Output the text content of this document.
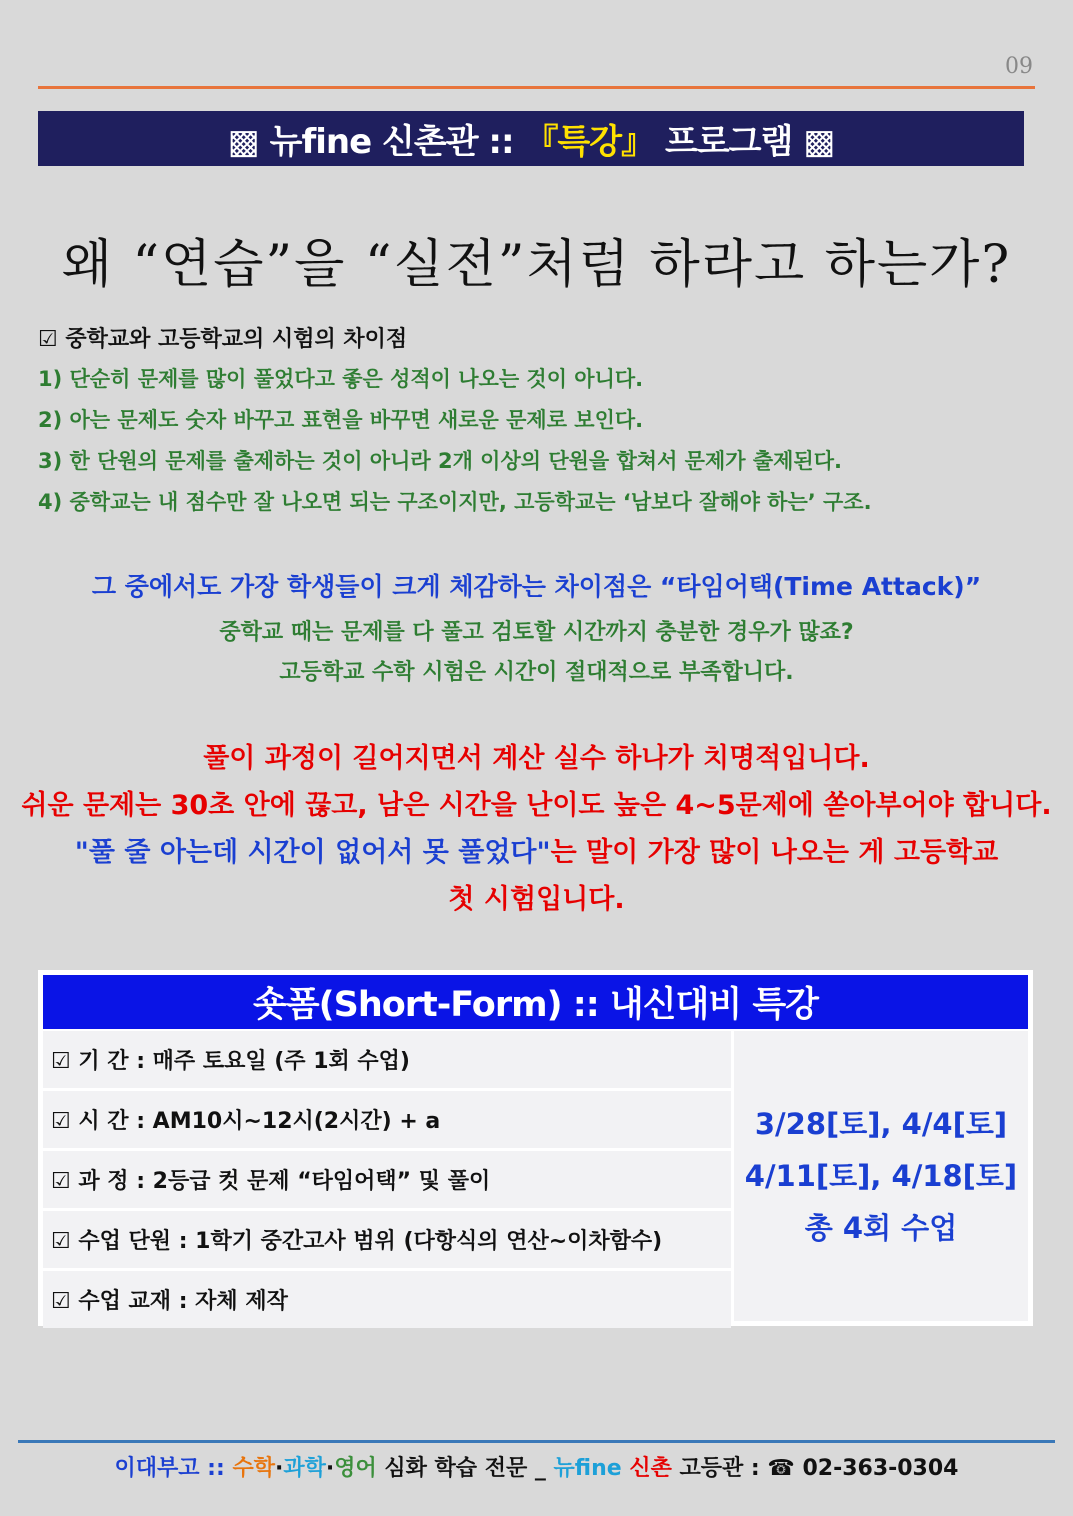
09
▩ 뉴fine 신촌관 :: 『특강』 프로그램 ▩
왜 “연습”을 “실전”처럼 하라고 하는가?
☑ 중학교와 고등학교의 시험의 차이점
1) 단순히 문제를 많이 풀었다고 좋은 성적이 나오는 것이 아니다.
2) 아는 문제도 숫자 바꾸고 표현을 바꾸면 새로운 문제로 보인다.
3) 한 단원의 문제를 출제하는 것이 아니라 2개 이상의 단원을 합쳐서 문제가 출제된다.
4) 중학교는 내 점수만 잘 나오면 되는 구조이지만, 고등학교는 ‘남보다 잘해야 하는’ 구조.
그 중에서도 가장 학생들이 크게 체감하는 차이점은 “타임어택(Time Attack)”
중학교 때는 문제를 다 풀고 검토할 시간까지 충분한 경우가 많죠?
고등학교 수학 시험은 시간이 절대적으로 부족합니다.
풀이 과정이 길어지면서 계산 실수 하나가 치명적입니다.
쉬운 문제는 30초 안에 끊고, 남은 시간을 난이도 높은 4~5문제에 쏟아부어야 합니다.
"풀 줄 아는데 시간이 없어서 못 풀었다"는 말이 가장 많이 나오는 게 고등학교
첫 시험입니다.
숏폼(Short-Form) :: 내신대비 특강
☑ 기 간 : 매주 토요일 (주 1회 수업)
☑ 시 간 : AM10시~12시(2시간) + a
☑ 과 정 : 2등급 컷 문제 “타임어택” 및 풀이
☑ 수업 단원 : 1학기 중간고사 범위 (다항식의 연산~이차함수)
☑ 수업 교재 : 자체 제작
3/28[토], 4/4[토]
4/11[토], 4/18[토]
총 4회 수업
이대부고 :: 수학·과학·영어 심화 학습 전문 _ 뉴fine 신촌 고등관 : ☎ 02-363-0304
